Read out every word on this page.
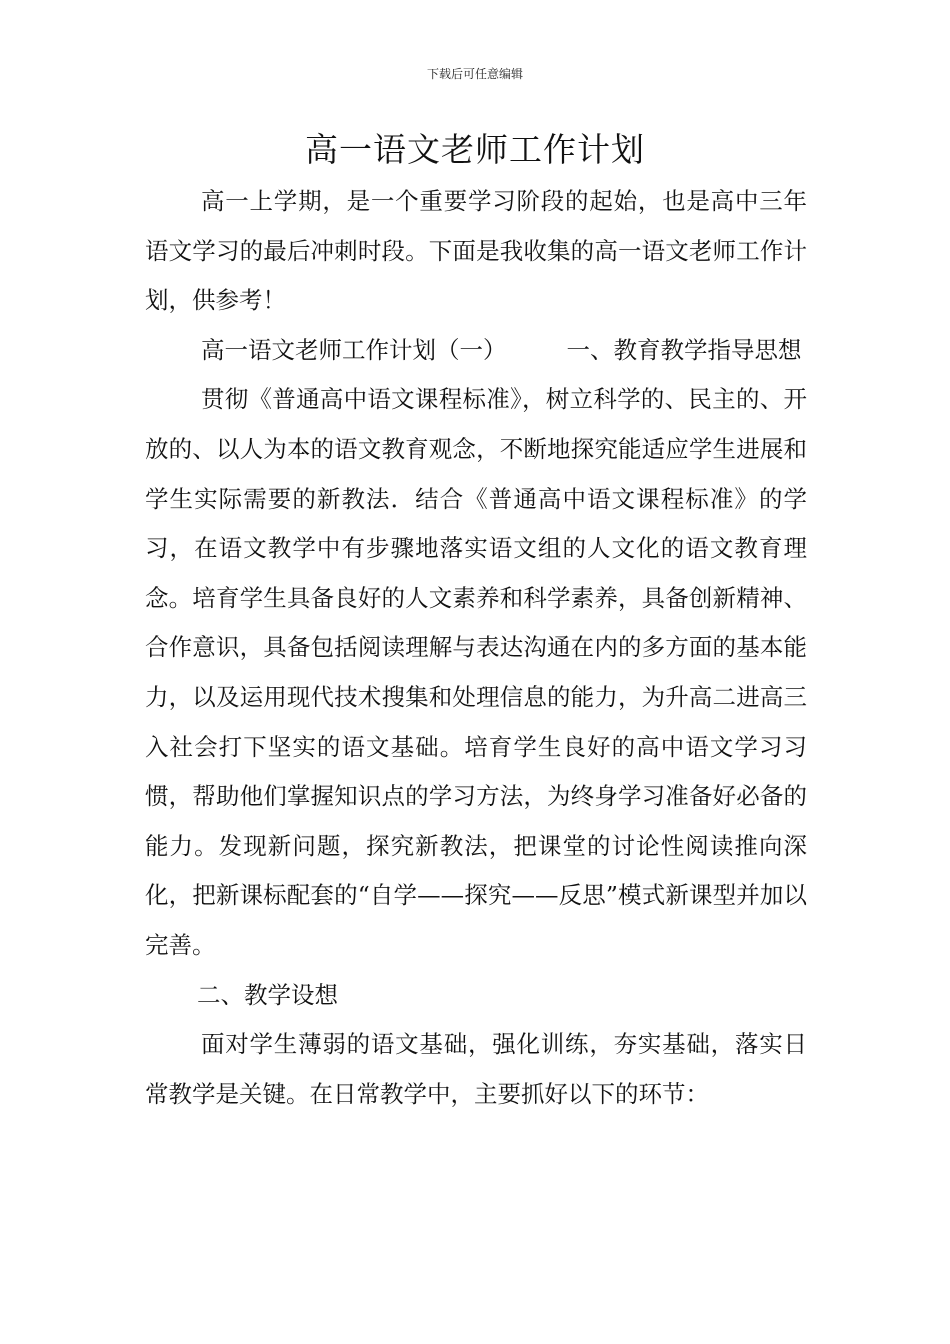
下载后可任意编辑
高一语文老师工作计划

高一上学期，是一个重要学习阶段的起始，也是高中三年语文学习的最后冲刺时段。下面是我收集的高一语文老师工作计划，供参考！

高一语文老师工作计划（一）	一、教育教学指导思想

贯彻《普通高中语文课程标准》，树立科学的、民主的、开放的、以人为本的语文教育观念，不断地探究能适应学生进展和学生实际需要的新教法．结合《普通高中语文课程标准》的学习，在语文教学中有步骤地落实语文组的人文化的语文教育理念。培育学生具备良好的人文素养和科学素养，具备创新精神、合作意识，具备包括阅读理解与表达沟通在内的多方面的基本能力，以及运用现代技术搜集和处理信息的能力，为升高二进高三入社会打下坚实的语文基础。培育学生良好的高中语文学习习惯，帮助他们掌握知识点的学习方法，为终身学习准备好必备的能力。发现新问题，探究新教法，把课堂的讨论性阅读推向深化，把新课标配套的“自学——探究——反思”模式新课型并加以完善。

二、教学设想

面对学生薄弱的语文基础，强化训练，夯实基础，落实日常教学是关键。在日常教学中，主要抓好以下的环节：
